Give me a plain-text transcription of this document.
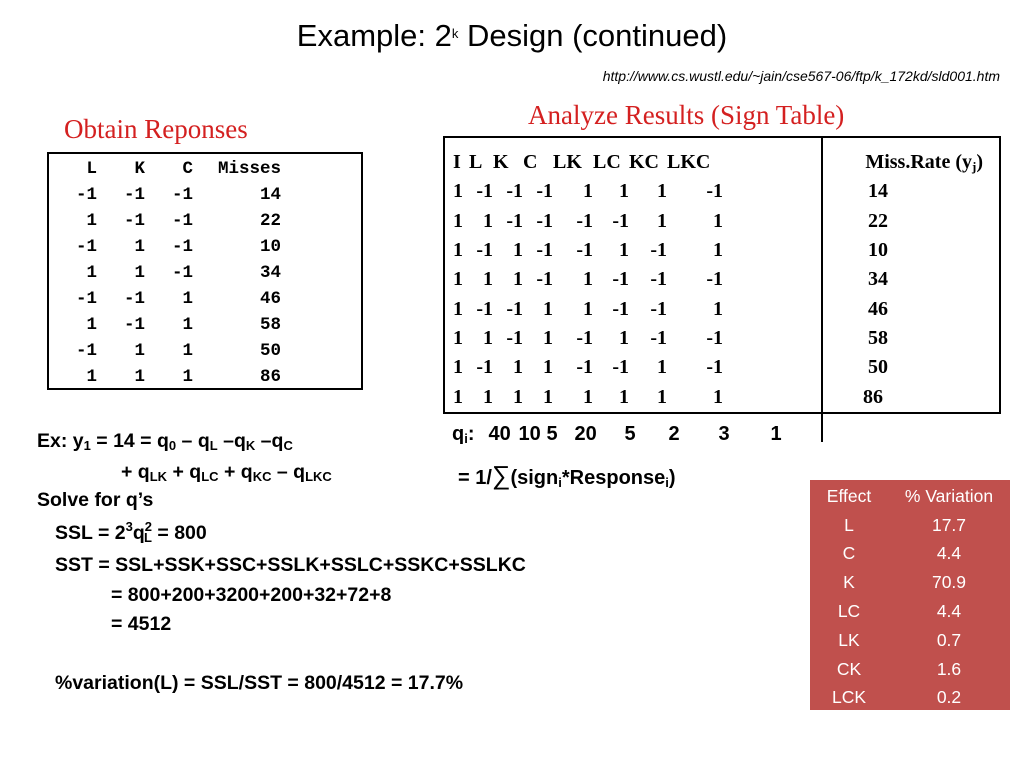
Example: 2$^k$ Design (continued)
http://www.cs.wustl.edu/~jain/cse567-06/ftp/k_172kd/sld001.htm
Obtain Reponses
L	K	C	Misses
-1	-1	-1	14
1	-1	-1	22
-1	1	-1	10
1	1	-1	34
-1	-1	1	46
1	-1	1	58
-1	1	1	50
1	1	1	86
Analyze Results (Sign Table)
I	L	K	C	LK	LC	KC	LKC	Miss.Rate $(y_j)$
1	-1	-1	-1	1	1	1	-1	14
1	1	-1	-1	-1	-1	1	1	22
1	-1	1	-1	-1	1	-1	1	10
1	1	1	-1	1	-1	-1	-1	34
1	-1	-1	1	1	-1	-1	1	46
1	1	-1	1	-1	1	-1	-1	58
1	-1	1	1	-1	-1	1	-1	50
1	1	1	1	1	1	1	1	86
$q_i$: 40 10 5 20 5 2 3 1
= 1/∑(sign$_i$*Response$_i$)
Ex: $y_1 = 14 = q_0 - q_L$ $-q_K$ $-q_C$
+ $q_{LK} + q_{LC} + q_{KC} - q_{LKC}$
Solve for q’s
SSL = $2^3q^2_L = 800$
SST = SSL+SSK+SSC+SSLK+SSLC+SSKC+SSLKC
= 800+200+3200+200+32+72+8
= 4512
%variation(L) = SSL/SST = 800/4512 = 17.7%
Effect	% Variation
L	17.7
C	4.4
K	70.9
LC	4.4
LK	0.7
CK	1.6
LCK	0.2
